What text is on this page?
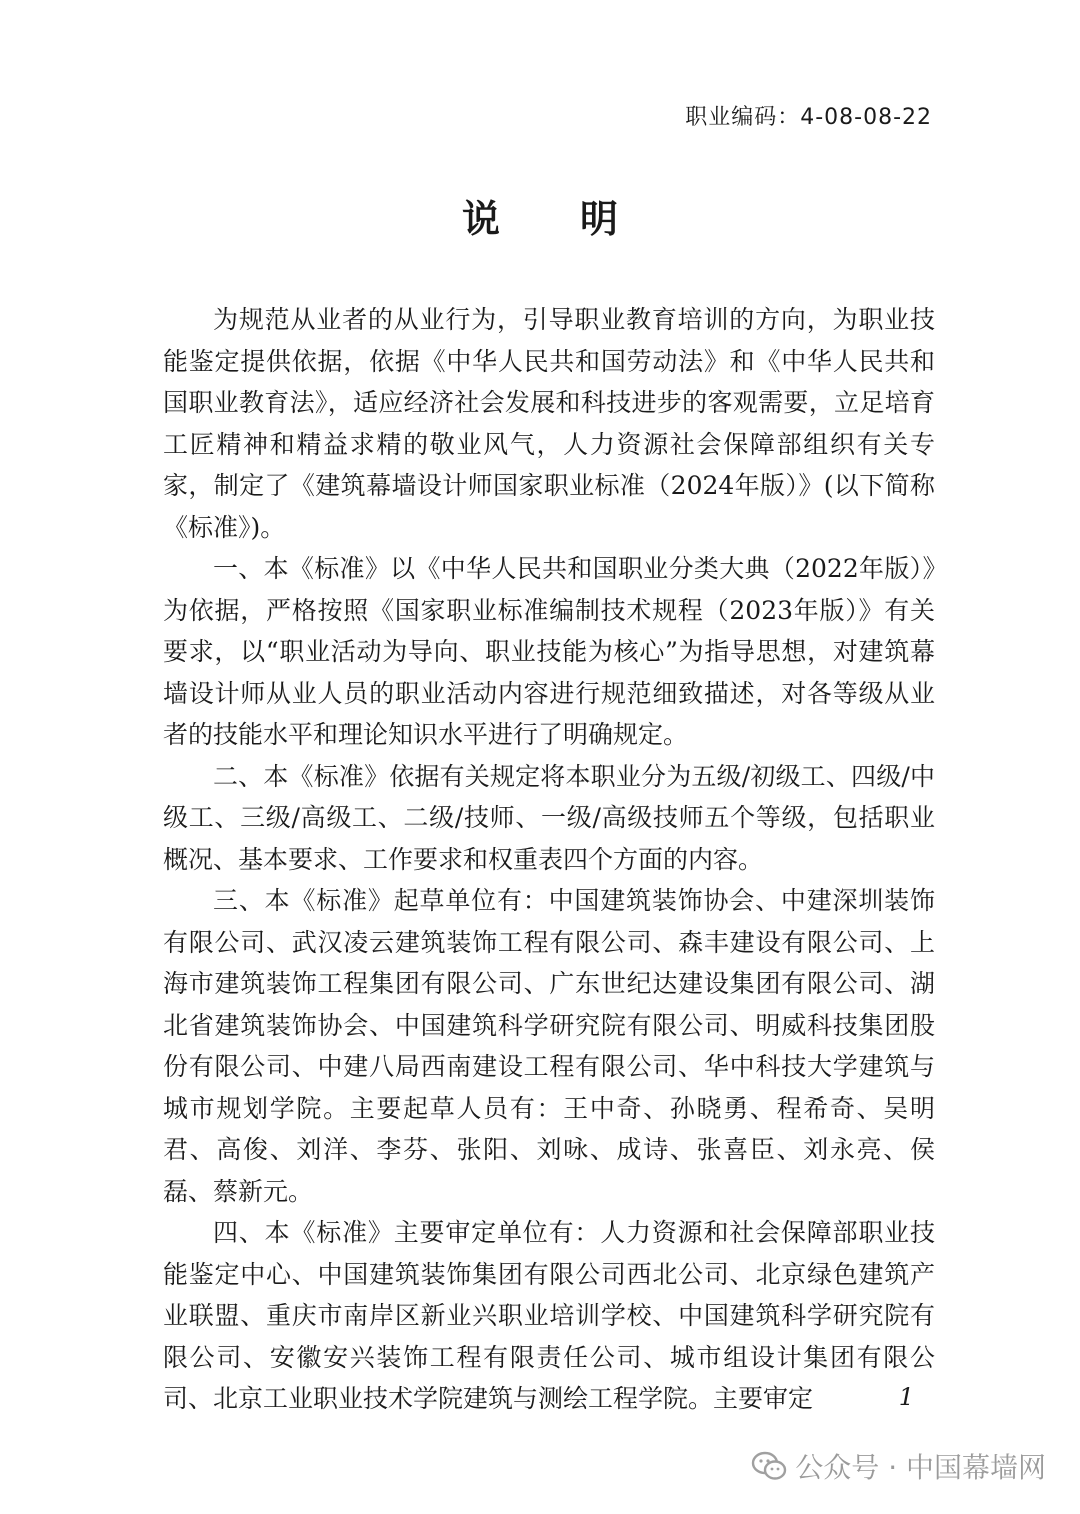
职业编码：4-08-08-22
说明

为规范从业者的从业行为，引导职业教育培训的方向，为职业技能鉴定提供依据，依据《中华人民共和国劳动法》和《中华人民共和国职业教育法》，适应经济社会发展和科技进步的客观需要，立足培育工匠精神和精益求精的敬业风气，人力资源社会保障部组织有关专家，制定了《建筑幕墙设计师国家职业标准（2024年版）》(以下简称《标准》)。

一、本《标准》以《中华人民共和国职业分类大典（2022年版）》为依据，严格按照《国家职业标准编制技术规程（2023年版）》有关要求，以“职业活动为导向、职业技能为核心”为指导思想，对建筑幕墙设计师从业人员的职业活动内容进行规范细致描述，对各等级从业者的技能水平和理论知识水平进行了明确规定。

二、本《标准》依据有关规定将本职业分为五级/初级工、四级/中级工、三级/高级工、二级/技师、一级/高级技师五个等级，包括职业概况、基本要求、工作要求和权重表四个方面的内容。

三、本《标准》起草单位有：中国建筑装饰协会、中建深圳装饰有限公司、武汉凌云建筑装饰工程有限公司、森丰建设有限公司、上海市建筑装饰工程集团有限公司、广东世纪达建设集团有限公司、湖北省建筑装饰协会、中国建筑科学研究院有限公司、明威科技集团股份有限公司、中建八局西南建设工程有限公司、华中科技大学建筑与城市规划学院。主要起草人员有：王中奇、孙晓勇、程希奇、吴明君、高俊、刘洋、李芬、张阳、刘咏、成诗、张喜臣、刘永亮、侯磊、蔡新元。

四、本《标准》主要审定单位有：人力资源和社会保障部职业技能鉴定中心、中国建筑装饰集团有限公司西北公司、北京绿色建筑产业联盟、重庆市南岸区新业兴职业培训学校、中国建筑科学研究院有限公司、安徽安兴装饰工程有限责任公司、城市组设计集团有限公司、北京工业职业技术学院建筑与测绘工程学院。主要审定	1
公众号 · 中国幕墙网
